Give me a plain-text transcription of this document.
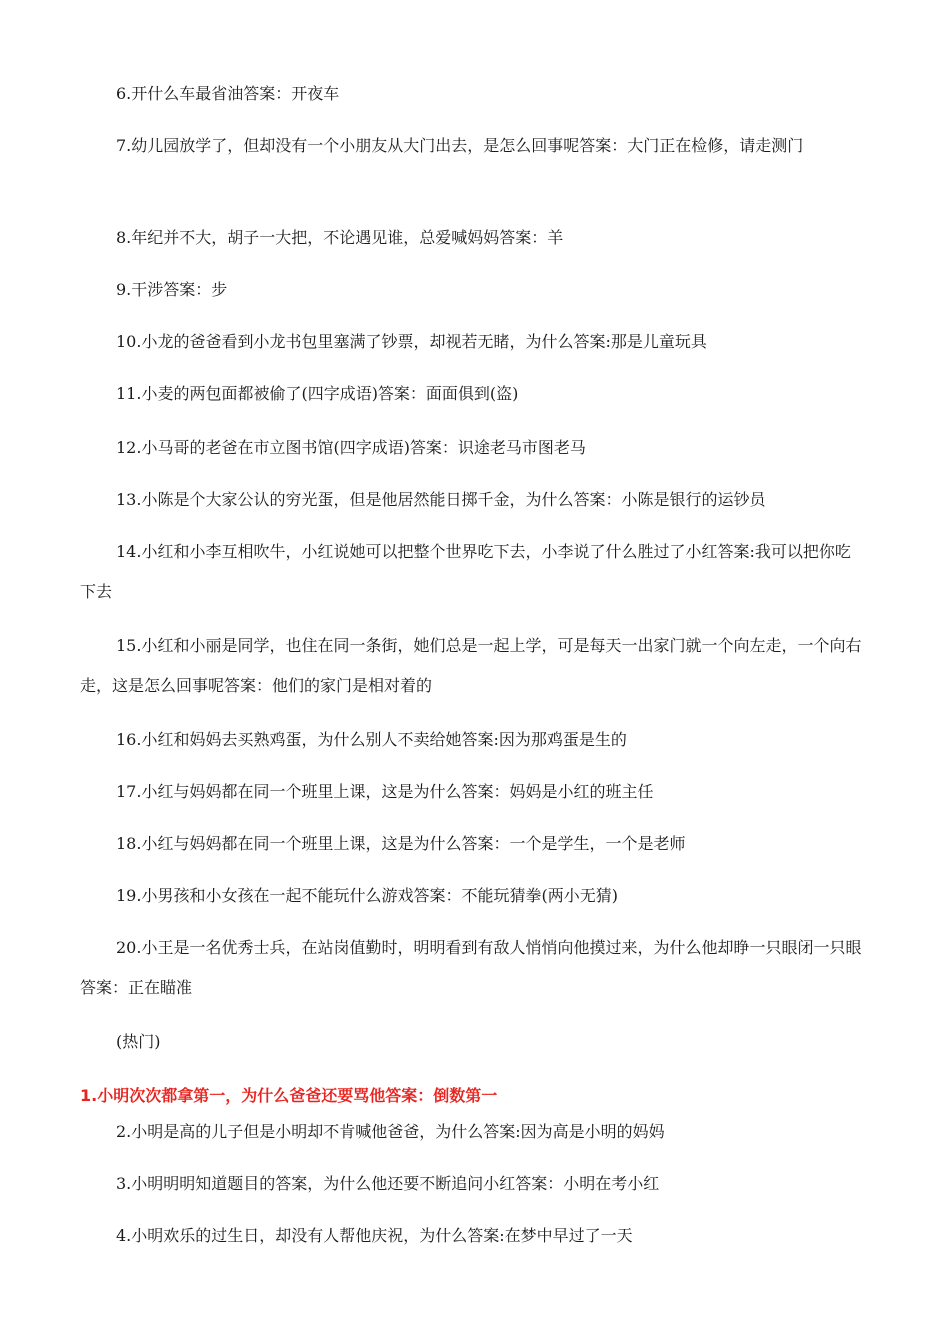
6.开什么车最省油答案：开夜车

7.幼儿园放学了，但却没有一个小朋友从大门出去，是怎么回事呢答案：大门正在检修，请走测门

8.年纪并不大，胡子一大把，不论遇见谁，总爱喊妈妈答案：羊

9.干涉答案：步

10.小龙的爸爸看到小龙书包里塞满了钞票，却视若无睹，为什么答案:那是儿童玩具

11.小麦的两包面都被偷了(四字成语)答案：面面俱到(盗)

12.小马哥的老爸在市立图书馆(四字成语)答案：识途老马市图老马

13.小陈是个大家公认的穷光蛋，但是他居然能日掷千金，为什么答案：小陈是银行的运钞员

14.小红和小李互相吹牛，小红说她可以把整个世界吃下去，小李说了什么胜过了小红答案:我可以把你吃下去

15.小红和小丽是同学，也住在同一条街，她们总是一起上学，可是每天一出家门就一个向左走，一个向右走，这是怎么回事呢答案：他们的家门是相对着的

16.小红和妈妈去买熟鸡蛋，为什么别人不卖给她答案:因为那鸡蛋是生的

17.小红与妈妈都在同一个班里上课，这是为什么答案：妈妈是小红的班主任

18.小红与妈妈都在同一个班里上课，这是为什么答案：一个是学生，一个是老师

19.小男孩和小女孩在一起不能玩什么游戏答案：不能玩猜拳(两小无猜)

20.小王是一名优秀士兵，在站岗值勤时，明明看到有敌人悄悄向他摸过来，为什么他却睁一只眼闭一只眼答案：正在瞄准

(热门)

1.小明次次都拿第一，为什么爸爸还要骂他答案：倒数第一

2.小明是高的儿子但是小明却不肯喊他爸爸，为什么答案:因为高是小明的妈妈

3.小明明明知道题目的答案，为什么他还要不断追问小红答案：小明在考小红

4.小明欢乐的过生日，却没有人帮他庆祝，为什么答案:在梦中早过了一天
